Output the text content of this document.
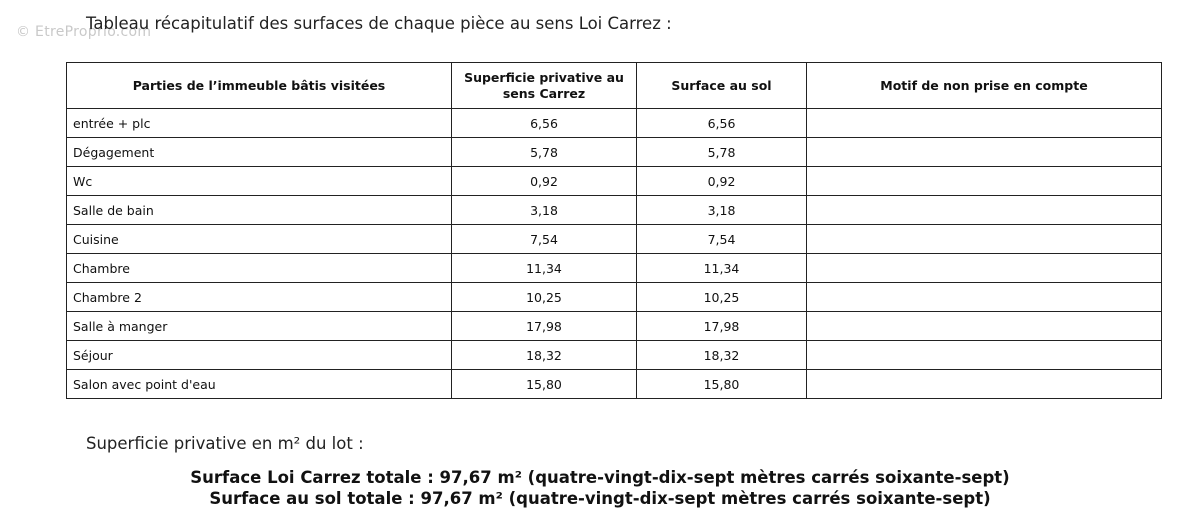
© EtreProprio.com
Tableau récapitulatif des surfaces de chaque pièce au sens Loi Carrez :
Parties de l’immeuble bâtis visitées	Superficie privative au sens Carrez	Surface au sol	Motif de non prise en compte
entrée + plc	6,56	6,56	
Dégagement	5,78	5,78	
Wc	0,92	0,92	
Salle de bain	3,18	3,18	
Cuisine	7,54	7,54	
Chambre	11,34	11,34	
Chambre 2	10,25	10,25	
Salle à manger	17,98	17,98	
Séjour	18,32	18,32	
Salon avec point d'eau	15,80	15,80	
Superficie privative en m² du lot :
Surface Loi Carrez totale : 97,67 m² (quatre-vingt-dix-sept mètres carrés soixante-sept)
Surface au sol totale : 97,67 m² (quatre-vingt-dix-sept mètres carrés soixante-sept)
